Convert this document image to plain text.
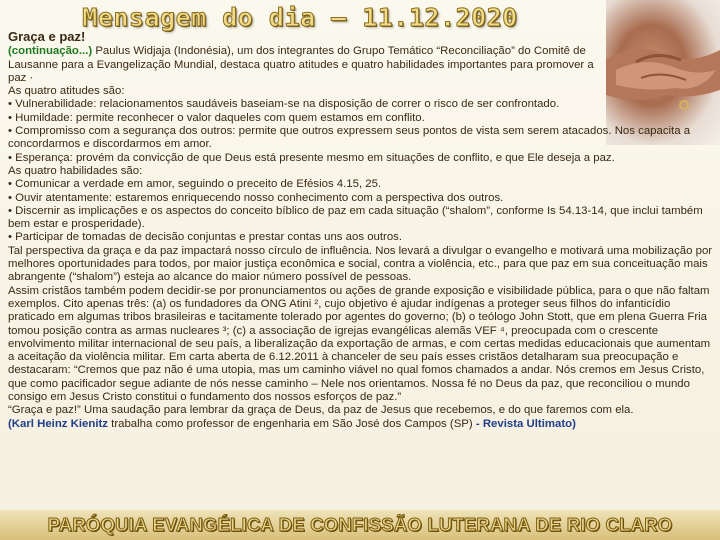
Mensagem do dia – 11.12.2020

Graça e paz!

(continuação...) Paulus Widjaja (Indonésia), um dos integrantes do Grupo Temático “Reconciliação” do Comitê de Lausanne para a Evangelização Mundial, destaca quatro atitudes e quatro habilidades importantes para promover a paz ·

As quatro atitudes são:

• Vulnerabilidade: relacionamentos saudáveis baseiam-se na disposição de correr o risco de ser confrontado.

• Humildade: permite reconhecer o valor daqueles com quem estamos em conflito.

• Compromisso com a segurança dos outros: permite que outros expressem seus pontos de vista sem serem atacados. Nos capacita a concordarmos e discordarmos em amor.

• Esperança: provém da convicção de que Deus está presente mesmo em situações de conflito, e que Ele deseja a paz.

As quatro habilidades são:

• Comunicar a verdade em amor, seguindo o preceito de Efésios 4.15, 25.

• Ouvir atentamente: estaremos enriquecendo nosso conhecimento com a perspectiva dos outros.

• Discernir as implicações e os aspectos do conceito bíblico de paz em cada situação (“shalom”, conforme Is 54.13-14, que inclui também bem estar e prosperidade).

• Participar de tomadas de decisão conjuntas e prestar contas uns aos outros.

Tal perspectiva da graça e da paz impactará nosso círculo de influência. Nos levará a divulgar o evangelho e motivará uma mobilização por melhores oportunidades para todos, por maior justiça econômica e social, contra a violência, etc., para que paz em sua conceituação mais abrangente (“shalom”) esteja ao alcance do maior número possível de pessoas.

Assim cristãos também podem decidir-se por pronunciamentos ou ações de grande exposição e visibilidade pública, para o que não faltam exemplos. Cito apenas três: (a) os fundadores da ONG Atini ², cujo objetivo é ajudar indígenas a proteger seus filhos do infanticídio praticado em algumas tribos brasileiras e tacitamente tolerado por agentes do governo; (b) o teólogo John Stott, que em plena Guerra Fria tomou posição contra as armas nucleares ³; (c) a associação de igrejas evangélicas alemãs VEF ⁴, preocupada com o crescente envolvimento militar internacional de seu país, a liberalização da exportação de armas, e com certas medidas educacionais que aumentam a aceitação da violência militar. Em carta aberta de 6.12.2011 à chanceler de seu país esses cristãos detalharam sua preocupação e destacaram: “Cremos que paz não é uma utopia, mas um caminho viável no qual fomos chamados a andar. Nós cremos em Jesus Cristo, que como pacificador segue adiante de nós nesse caminho – Nele nos orientamos. Nossa fé no Deus da paz, que reconciliou o mundo consigo em Jesus Cristo constitui o fundamento dos nossos esforços de paz.”

“Graça e paz!” Uma saudação para lembrar da graça de Deus, da paz de Jesus que recebemos, e do que faremos com ela.

(Karl Heinz Kienitz trabalha como professor de engenharia em São José dos Campos (SP) - Revista Ultimato)

PARÓQUIA EVANGÉLICA DE CONFISSÃO LUTERANA DE RIO CLARO
